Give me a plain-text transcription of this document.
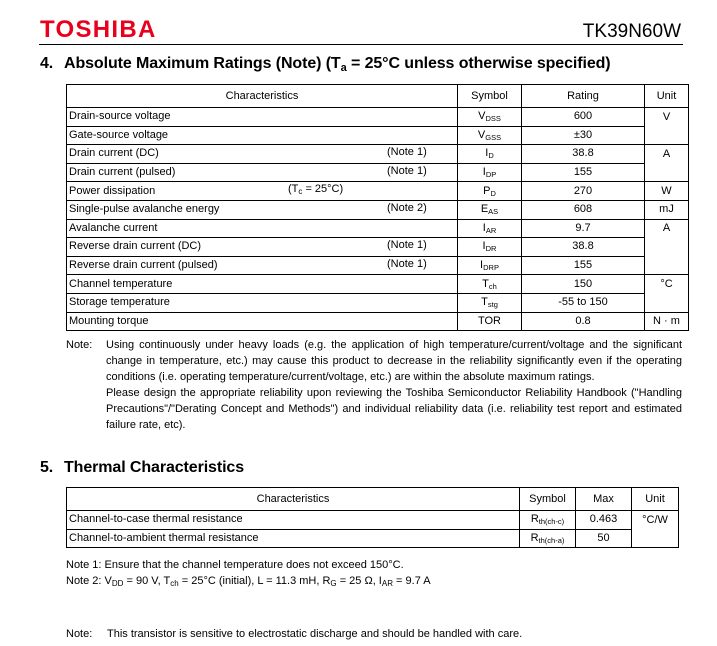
TOSHIBA	TK39N60W
4. Absolute Maximum Ratings (Note) ($T_a = 25^\circ C$ unless otherwise specified)
Characteristics	Symbol	Rating	Unit
Drain-source voltage	$V_{DSS}$	600	V
Gate-source voltage	$V_{GSS}$	±30	
Drain current (DC) (Note 1)	$I_D$	38.8	A
Drain current (pulsed) (Note 1)	$I_{DP}$	155	
Power dissipation $(T_c = 25^\circ C)$	$P_D$	270	W
Single-pulse avalanche energy (Note 2)	$E_{AS}$	608	mJ
Avalanche current	$I_{AR}$	9.7	A
Reverse drain current (DC) (Note 1)	$I_{DR}$	38.8	
Reverse drain current (pulsed) (Note 1)	$I_{DRP}$	155	
Channel temperature	$T_{ch}$	150	°C
Storage temperature	$T_{stg}$	-55 to 150	
Mounting torque	TOR	0.8	N · m
Note: Using continuously under heavy loads (e.g. the application of high temperature/current/voltage and the significant change in temperature, etc.) may cause this product to decrease in the reliability significantly even if the operating conditions (i.e. operating temperature/current/voltage, etc.) are within the absolute maximum ratings.

Please design the appropriate reliability upon reviewing the Toshiba Semiconductor Reliability Handbook ("Handling Precautions"/"Derating Concept and Methods") and individual reliability data (i.e. reliability test report and estimated failure rate, etc).

5. Thermal Characteristics
Characteristics	Symbol	Max	Unit
Channel-to-case thermal resistance	$R_{th(ch-c)}$	0.463	°C/W
Channel-to-ambient thermal resistance	$R_{th(ch-a)}$	50	
Note 1: Ensure that the channel temperature does not exceed 150°C.
Note 2: $V_{DD} = 90$ V, $T_{ch} = 25^\circ C$ (initial), L = 11.3 mH, $R_G = 25$ Ω, $I_{AR} = 9.7$ A
Note: This transistor is sensitive to electrostatic discharge and should be handled with care.
